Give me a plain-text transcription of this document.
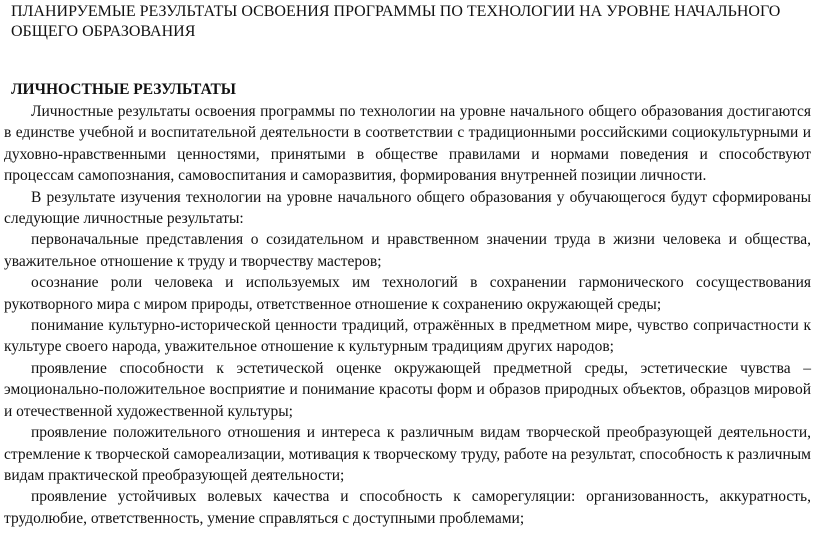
ПЛАНИРУЕМЫЕ РЕЗУЛЬТАТЫ ОСВОЕНИЯ ПРОГРАММЫ ПО ТЕХНОЛОГИИ НА УРОВНЕ НАЧАЛЬНОГО ОБЩЕГО ОБРАЗОВАНИЯ
ЛИЧНОСТНЫЕ РЕЗУЛЬТАТЫ

Личностные результаты освоения программы по технологии на уровне начального общего образования достигаются в единстве учебной и воспитательной деятельности в соответствии с традиционными российскими социокультурными и духовно-нравственными ценностями, принятыми в обществе правилами и нормами поведения и способствуют процессам самопознания, самовоспитания и саморазвития, формирования внутренней позиции личности.

В результате изучения технологии на уровне начального общего образования у обучающегося будут сформированы следующие личностные результаты:

первоначальные представления о созидательном и нравственном значении труда в жизни человека и общества, уважительное отношение к труду и творчеству мастеров;

осознание роли человека и используемых им технологий в сохранении гармонического сосуществования рукотворного мира с миром природы, ответственное отношение к сохранению окружающей среды;

понимание культурно-исторической ценности традиций, отражённых в предметном мире, чувство сопричастности к культуре своего народа, уважительное отношение к культурным традициям других народов;

проявление способности к эстетической оценке окружающей предметной среды, эстетические чувства – эмоционально-положительное восприятие и понимание красоты форм и образов природных объектов, образцов мировой и отечественной художественной культуры;

проявление положительного отношения и интереса к различным видам творческой преобразующей деятельности, стремление к творческой самореализации, мотивация к творческому труду, работе на результат, способность к различным видам практической преобразующей деятельности;

проявление устойчивых волевых качества и способность к саморегуляции: организованность, аккуратность, трудолюбие, ответственность, умение справляться с доступными проблемами;
